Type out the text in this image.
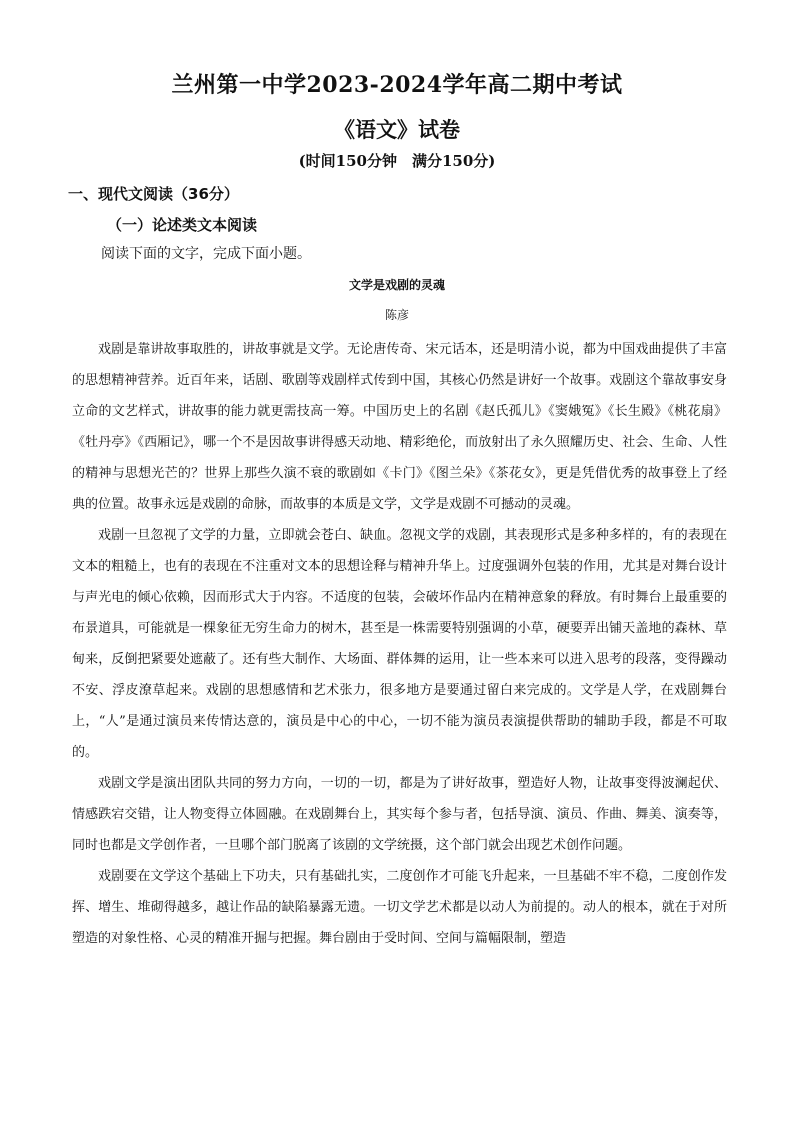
兰州第一中学2023-2024学年高二期中考试
《语文》试卷
(时间150分钟　满分150分)
一、现代文阅读（36分）
（一）论述类文本阅读
阅读下面的文字，完成下面小题。
文学是戏剧的灵魂
陈彦

戏剧是靠讲故事取胜的，讲故事就是文学。无论唐传奇、宋元话本，还是明清小说，都为中国戏曲提供了丰富的思想精神营养。近百年来，话剧、歌剧等戏剧样式传到中国，其核心仍然是讲好一个故事。戏剧这个靠故事安身立命的文艺样式，讲故事的能力就更需技高一筹。中国历史上的名剧《赵氏孤儿》《窦娥冤》《长生殿》《桃花扇》《牡丹亭》《西厢记》，哪一个不是因故事讲得感天动地、精彩绝伦，而放射出了永久照耀历史、社会、生命、人性的精神与思想光芒的？世界上那些久演不衰的歌剧如《卡门》《图兰朵》《茶花女》，更是凭借优秀的故事登上了经典的位置。故事永远是戏剧的命脉，而故事的本质是文学，文学是戏剧不可撼动的灵魂。

戏剧一旦忽视了文学的力量，立即就会苍白、缺血。忽视文学的戏剧，其表现形式是多种多样的，有的表现在文本的粗糙上，也有的表现在不注重对文本的思想诠释与精神升华上。过度强调外包装的作用，尤其是对舞台设计与声光电的倾心依赖，因而形式大于内容。不适度的包装，会破坏作品内在精神意象的释放。有时舞台上最重要的布景道具，可能就是一棵象征无穷生命力的树木，甚至是一株需要特别强调的小草，硬要弄出铺天盖地的森林、草甸来，反倒把紧要处遮蔽了。还有些大制作、大场面、群体舞的运用，让一些本来可以进入思考的段落，变得躁动不安、浮皮潦草起来。戏剧的思想感情和艺术张力，很多地方是要通过留白来完成的。文学是人学，在戏剧舞台上，“人”是通过演员来传情达意的，演员是中心的中心，一切不能为演员表演提供帮助的辅助手段，都是不可取的。

戏剧文学是演出团队共同的努力方向，一切的一切，都是为了讲好故事，塑造好人物，让故事变得波澜起伏、情感跌宕交错，让人物变得立体圆融。在戏剧舞台上，其实每个参与者，包括导演、演员、作曲、舞美、演奏等，同时也都是文学创作者，一旦哪个部门脱离了该剧的文学统摄，这个部门就会出现艺术创作问题。

戏剧要在文学这个基础上下功夫，只有基础扎实，二度创作才可能飞升起来，一旦基础不牢不稳，二度创作发挥、增生、堆砌得越多，越让作品的缺陷暴露无遗。一切文学艺术都是以动人为前提的。动人的根本，就在于对所塑造的对象性格、心灵的精准开掘与把握。舞台剧由于受时间、空间与篇幅限制，塑造
